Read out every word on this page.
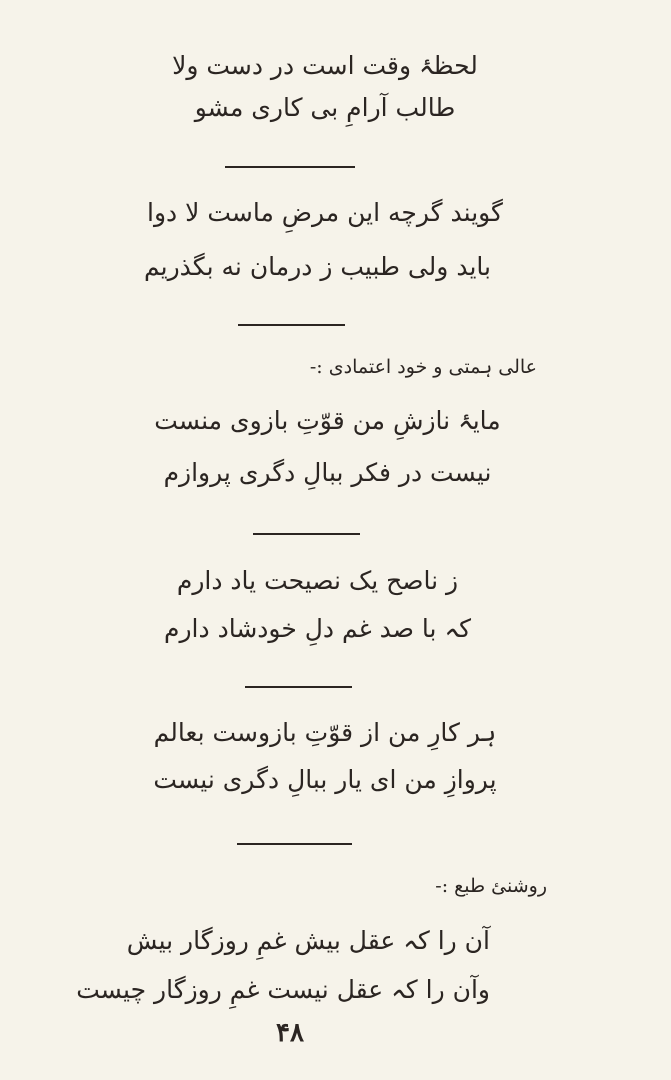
لحظۂ وقت است در دست ولا
طالب آرامِ بی کاری مشو
گویند گرچه این مرضِ ماست لا دوا
باید ولی طبیب ز درمان نه بگذریم
عالی ہمتی و خود اعتمادی :-
مایۂ نازشِ من قوّتِ بازوی منست
نیست در فکر ببالِ دگری پروازم
ز ناصح یک نصیحت یاد دارم
کہ با صد غم دلِ خودشاد دارم
ہر کارِ من از قوّتِ بازوست بعالم
پروازِ من ای یار ببالِ دگری نیست
روشنئ طبع :-
آن را کہ عقل بیش غمِ روزگار بیش
وآن را کہ عقل نیست غمِ روزگار چیست
۴۸
